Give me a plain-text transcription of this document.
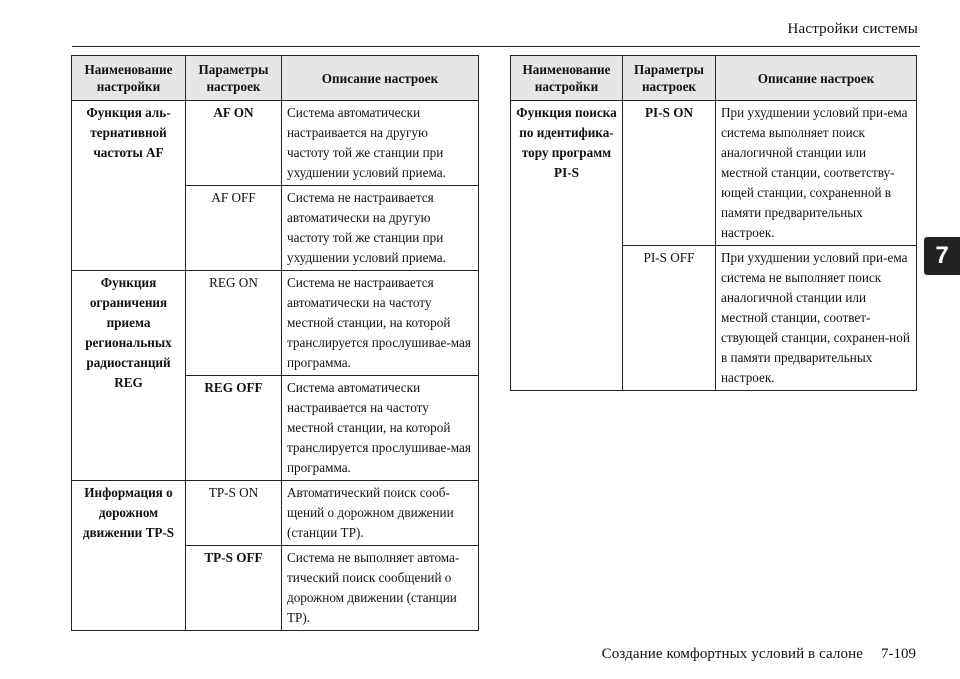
Настройки системы
7
Наименование настройки	Параметры настроек	Описание настроек
Функция аль-тернативной частоты AF	AF ON	Система автоматически настраивается на другую частоту той же станции при ухудшении условий приема.
	AF OFF	Система не настраивается автоматически на другую частоту той же станции при ухудшении условий приема.
Функция ограничения приема региональных радиостанций REG	REG ON	Система не настраивается автоматически на частоту местной станции, на которой транслируется прослушивае-мая программа.
	REG OFF	Система автоматически настраивается на частоту местной станции, на которой транслируется прослушивае-мая программа.
Информация о дорожном движении TP-S	TP-S ON	Автоматический поиск сооб-щений о дорожном движении (станции TP).
	TP-S OFF	Система не выполняет автома-тический поиск сообщений о дорожном движении (станции TP).
Наименование настройки	Параметры настроек	Описание настроек
Функция поиска по идентифика-тору программ PI-S	PI-S ON	При ухудшении условий при-ема система выполняет поиск аналогичной станции или местной станции, соответству-ющей станции, сохраненной в памяти предварительных настроек.
	PI-S OFF	При ухудшении условий при-ема система не выполняет поиск аналогичной станции или местной станции, соответ-ствующей станции, сохранен-ной в памяти предварительных настроек.
Создание комфортных условий в салоне 7-109
